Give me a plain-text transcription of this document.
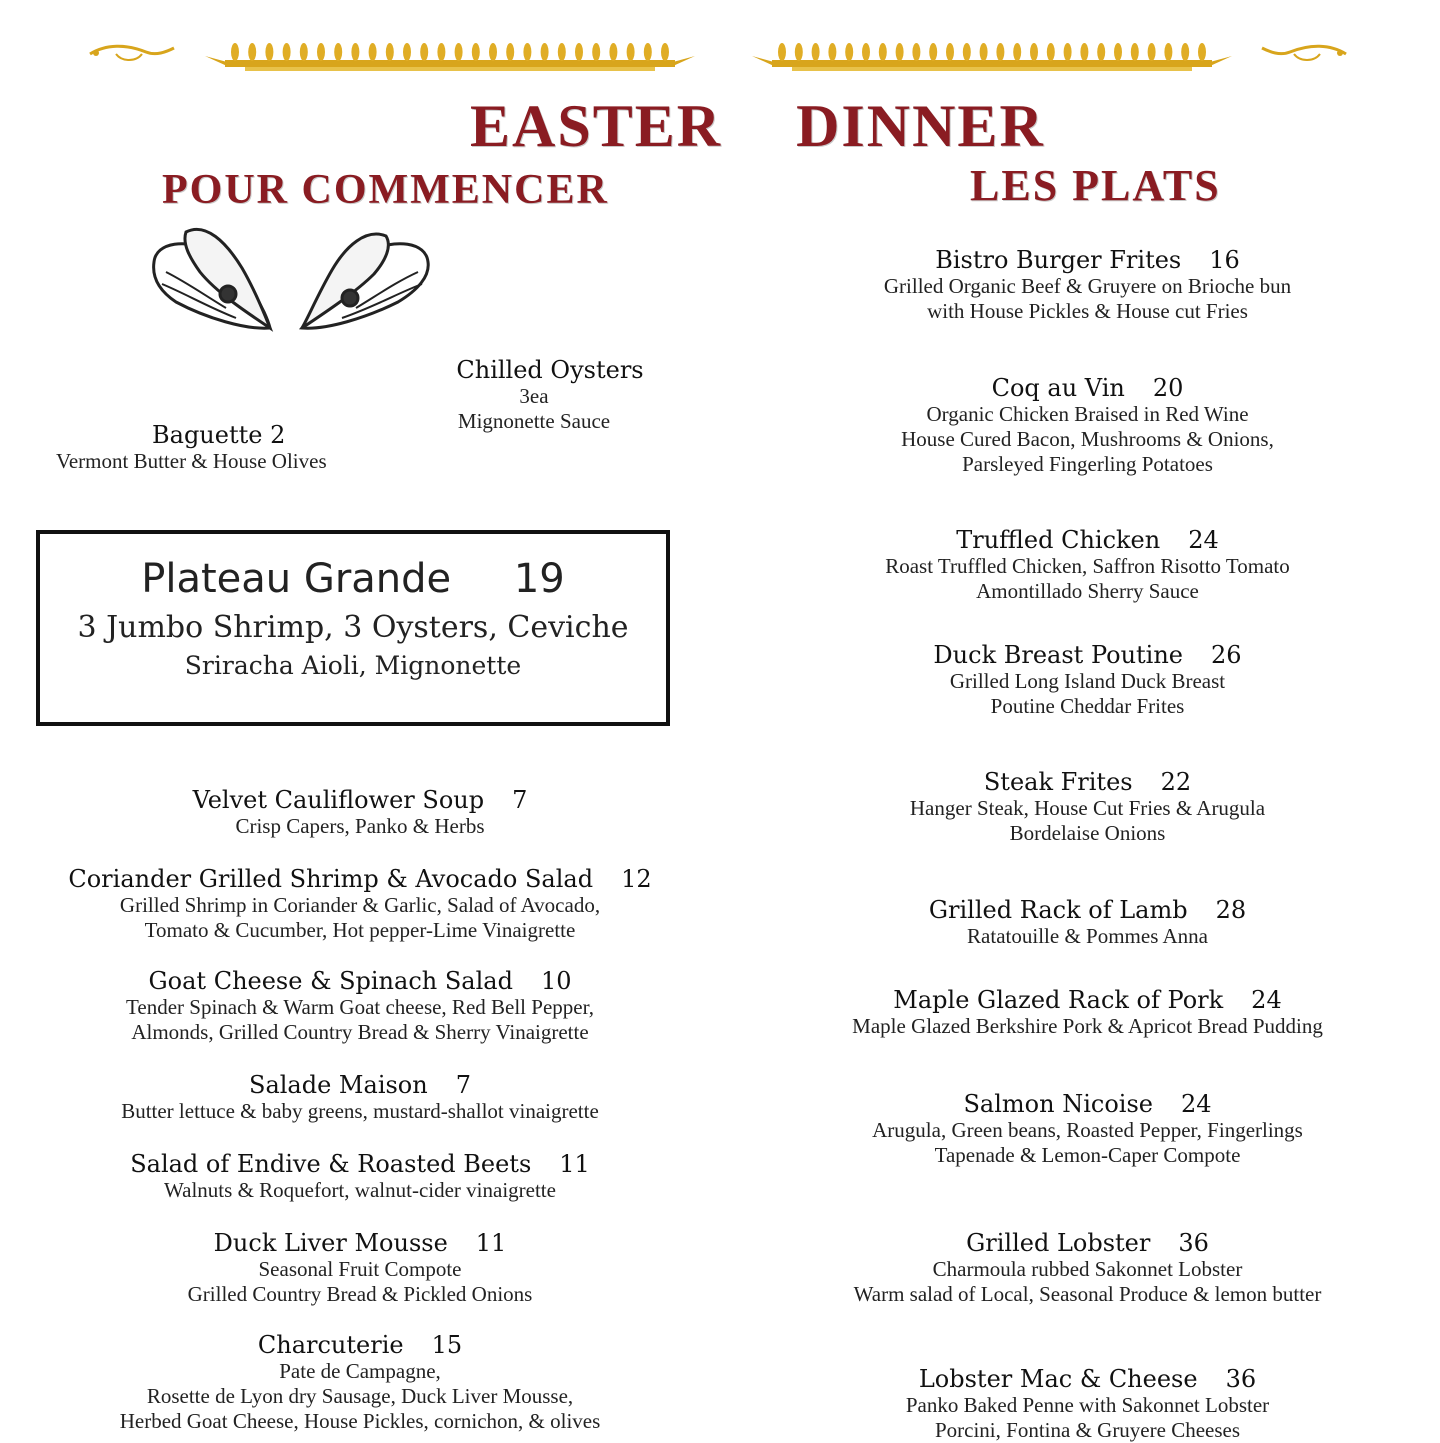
EASTER DINNER
POUR COMMENCER	LES PLATS
Chilled Oysters
3ea
Mignonette Sauce
Baguette 2
Vermont Butter & House Olives
Plateau Grande 19
3 Jumbo Shrimp, 3 Oysters, Ceviche
Sriracha Aioli, Mignonette
Velvet Cauliflower Soup 7
Crisp Capers, Panko & Herbs
Coriander Grilled Shrimp & Avocado Salad 12
Grilled Shrimp in Coriander & Garlic, Salad of Avocado,
Tomato & Cucumber, Hot pepper-Lime Vinaigrette
Goat Cheese & Spinach Salad 10
Tender Spinach & Warm Goat cheese, Red Bell Pepper,
Almonds, Grilled Country Bread & Sherry Vinaigrette
Salade Maison 7
Butter lettuce & baby greens, mustard-shallot vinaigrette
Salad of Endive & Roasted Beets 11
Walnuts & Roquefort, walnut-cider vinaigrette
Duck Liver Mousse 11
Seasonal Fruit Compote
Grilled Country Bread & Pickled Onions
Charcuterie 15
Pate de Campagne,
Rosette de Lyon dry Sausage, Duck Liver Mousse,
Herbed Goat Cheese, House Pickles, cornichon, & olives
Bistro Burger Frites 16
Grilled Organic Beef & Gruyere on Brioche bun
with House Pickles & House cut Fries
Coq au Vin 20
Organic Chicken Braised in Red Wine
House Cured Bacon, Mushrooms & Onions,
Parsleyed Fingerling Potatoes
Truffled Chicken 24
Roast Truffled Chicken, Saffron Risotto Tomato
Amontillado Sherry Sauce
Duck Breast Poutine 26
Grilled Long Island Duck Breast
Poutine Cheddar Frites
Steak Frites 22
Hanger Steak, House Cut Fries & Arugula
Bordelaise Onions
Grilled Rack of Lamb 28
Ratatouille & Pommes Anna
Maple Glazed Rack of Pork 24
Maple Glazed Berkshire Pork & Apricot Bread Pudding
Salmon Nicoise 24
Arugula, Green beans, Roasted Pepper, Fingerlings
Tapenade & Lemon-Caper Compote
Grilled Lobster 36
Charmoula rubbed Sakonnet Lobster
Warm salad of Local, Seasonal Produce & lemon butter
Lobster Mac & Cheese 36
Panko Baked Penne with Sakonnet Lobster
Porcini, Fontina & Gruyere Cheeses
